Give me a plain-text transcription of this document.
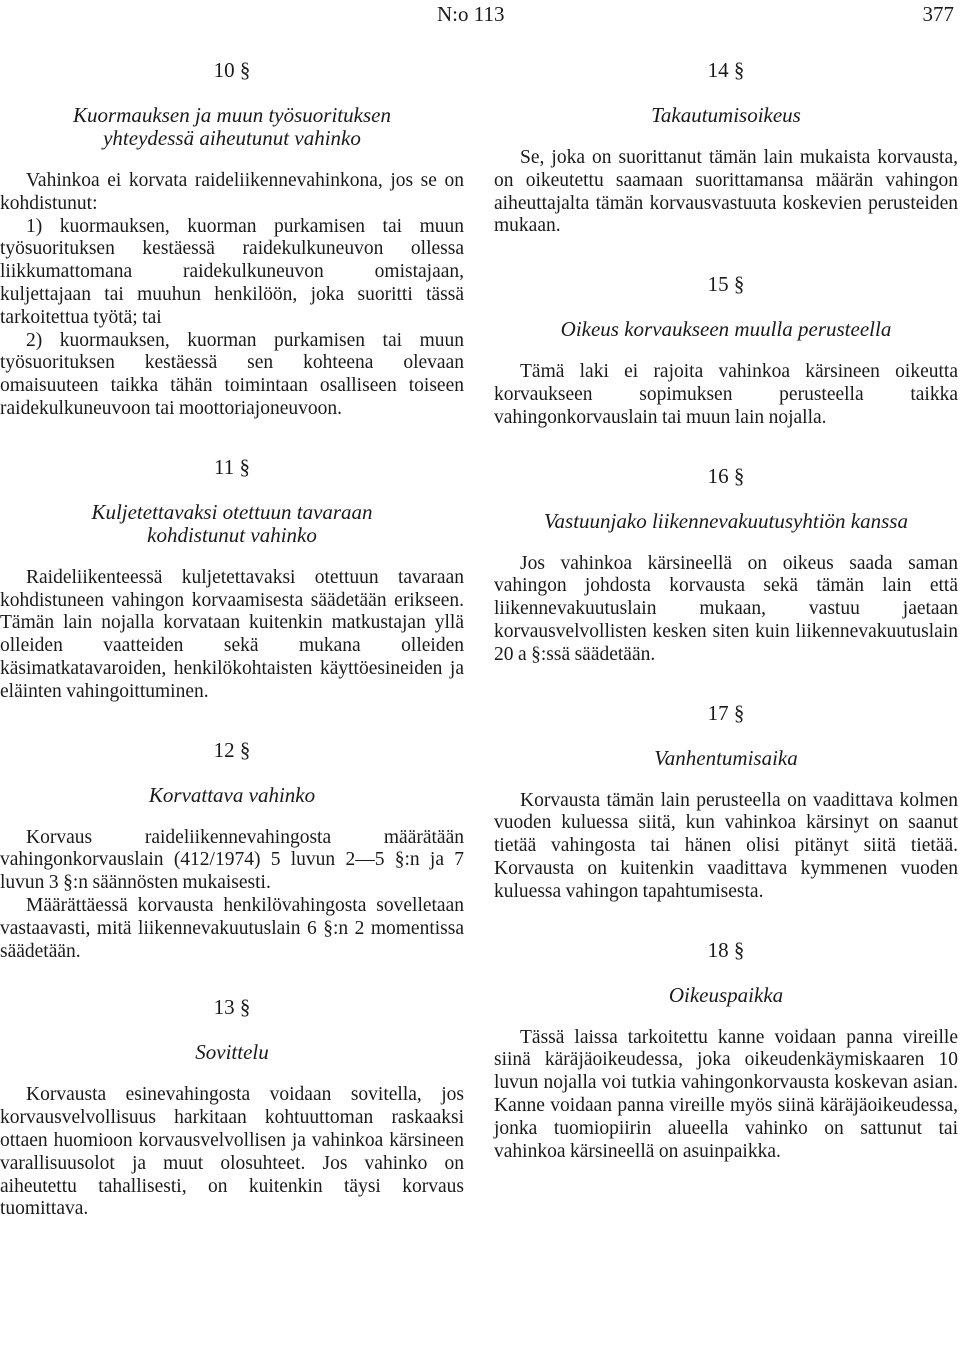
N:o 113	377
10 §
Kuormauksen ja muun työsuorituksen yhteydessä aiheutunut vahinko

Vahinkoa ei korvata raideliikennevahinkona, jos se on kohdistunut:

1) kuormauksen, kuorman purkamisen tai muun työsuorituksen kestäessä raidekulkuneuvon ollessa liikkumattomana raidekulkuneuvon omistajaan, kuljettajaan tai muuhun henkilöön, joka suoritti tässä tarkoitettua työtä; tai

2) kuormauksen, kuorman purkamisen tai muun työsuorituksen kestäessä sen kohteena olevaan omaisuuteen taikka tähän toimintaan osalliseen toiseen raidekulkuneuvoon tai moottoriajoneuvoon.

11 §
Kuljetettavaksi otettuun tavaraan kohdistunut vahinko

Raideliikenteessä kuljetettavaksi otettuun tavaraan kohdistuneen vahingon korvaamisesta säädetään erikseen. Tämän lain nojalla korvataan kuitenkin matkustajan yllä olleiden vaatteiden sekä mukana olleiden käsimatkatavaroiden, henkilökohtaisten käyttöesineiden ja eläinten vahingoittuminen.

12 §
Korvattava vahinko

Korvaus raideliikennevahingosta määrätään vahingonkorvauslain (412/1974) 5 luvun 2—5 §:n ja 7 luvun 3 §:n säännösten mukaisesti.

Määrättäessä korvausta henkilövahingosta sovelletaan vastaavasti, mitä liikennevakuutuslain 6 §:n 2 momentissa säädetään.

13 §
Sovittelu

Korvausta esinevahingosta voidaan sovitella, jos korvausvelvollisuus harkitaan kohtuuttoman raskaaksi ottaen huomioon korvausvelvollisen ja vahinkoa kärsineen varallisuusolot ja muut olosuhteet. Jos vahinko on aiheutettu tahallisesti, on kuitenkin täysi korvaus tuomittava.

14 §
Takautumisoikeus

Se, joka on suorittanut tämän lain mukaista korvausta, on oikeutettu saamaan suorittamansa määrän vahingon aiheuttajalta tämän korvausvastuuta koskevien perusteiden mukaan.

15 §
Oikeus korvaukseen muulla perusteella

Tämä laki ei rajoita vahinkoa kärsineen oikeutta korvaukseen sopimuksen perusteella taikka vahingonkorvauslain tai muun lain nojalla.

16 §
Vastuunjako liikennevakuutusyhtiön kanssa

Jos vahinkoa kärsineellä on oikeus saada saman vahingon johdosta korvausta sekä tämän lain että liikennevakuutuslain mukaan, vastuu jaetaan korvausvelvollisten kesken siten kuin liikennevakuutuslain 20 a §:ssä säädetään.

17 §
Vanhentumisaika

Korvausta tämän lain perusteella on vaadittava kolmen vuoden kuluessa siitä, kun vahinkoa kärsinyt on saanut tietää vahingosta tai hänen olisi pitänyt siitä tietää. Korvausta on kuitenkin vaadittava kymmenen vuoden kuluessa vahingon tapahtumisesta.

18 §
Oikeuspaikka

Tässä laissa tarkoitettu kanne voidaan panna vireille siinä käräjäoikeudessa, joka oikeudenkäymiskaaren 10 luvun nojalla voi tutkia vahingonkorvausta koskevan asian. Kanne voidaan panna vireille myös siinä käräjäoikeudessa, jonka tuomiopiirin alueella vahinko on sattunut tai vahinkoa kärsineellä on asuinpaikka.
